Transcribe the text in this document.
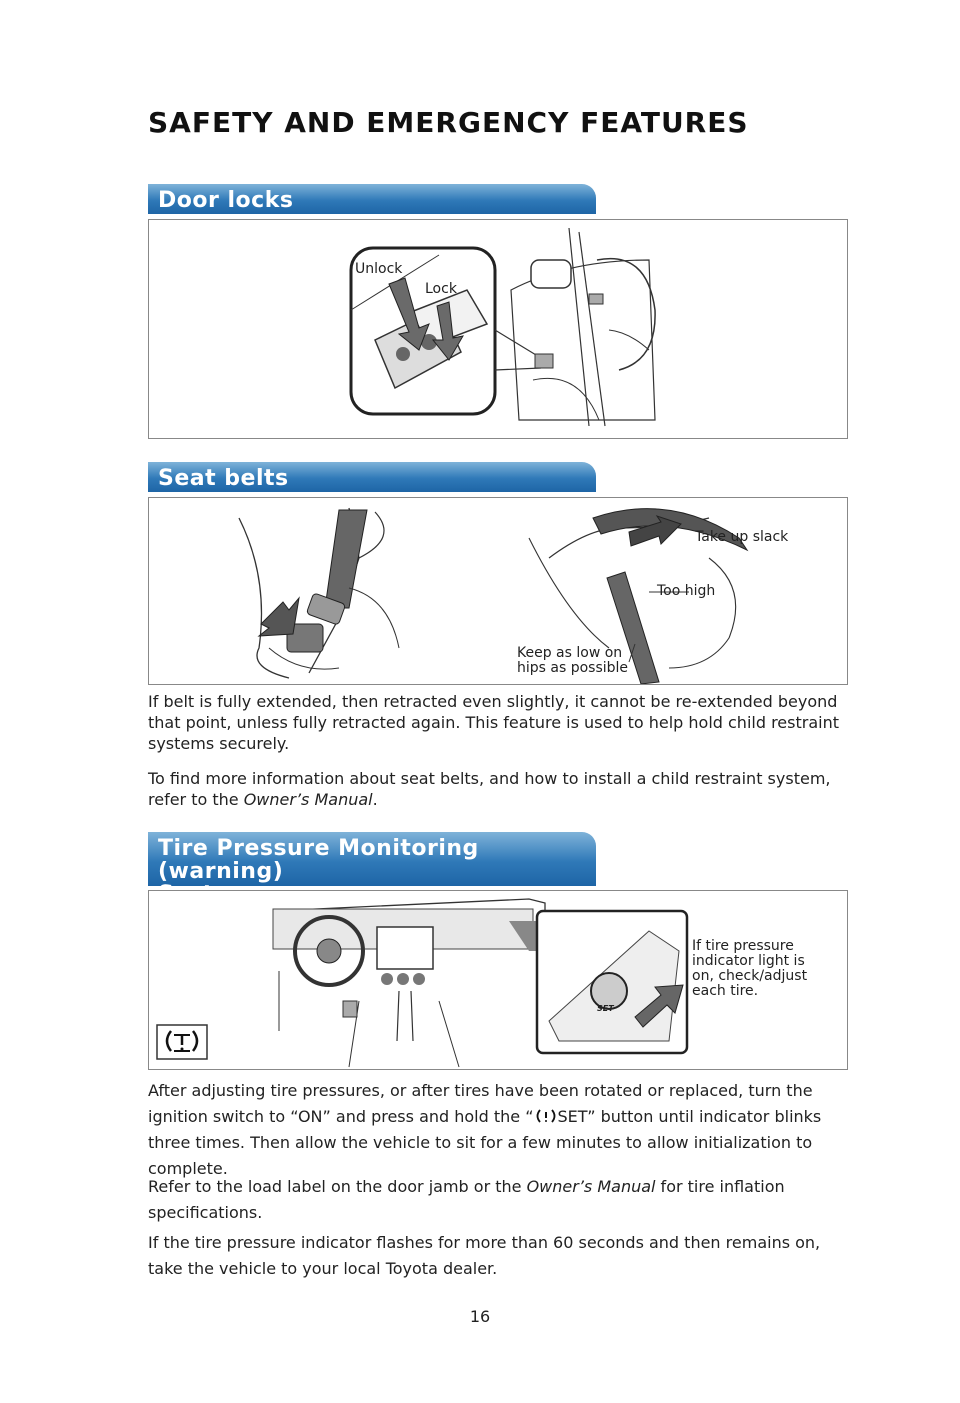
SAFETY AND EMERGENCY FEATURES
Door locks
Unlock
Lock
Seat belts
Take up slack
Too high
Keep as low on
hips as possible
If belt is fully extended, then retracted even slightly, it cannot be re-extended beyond that point, unless fully retracted again. This feature is used to help hold child restraint systems securely.
To find more information about seat belts, and how to install a child restraint system, refer to the Owner’s Manual.
Tire Pressure Monitoring (warning)
SET
If tire pressure indicator light is on, check/adjust each tire.
After adjusting tire pressures, or after tires have been rotated or replaced, turn the ignition switch to “ON” and press and hold the “ SET” button until indicator blinks three times. Then allow the vehicle to sit for a few minutes to allow initialization to complete.
Refer to the load label on the door jamb or the Owner’s Manual for tire inflation specifications.
If the tire pressure indicator flashes for more than 60 seconds and then remains on, take the vehicle to your local Toyota dealer.
16
